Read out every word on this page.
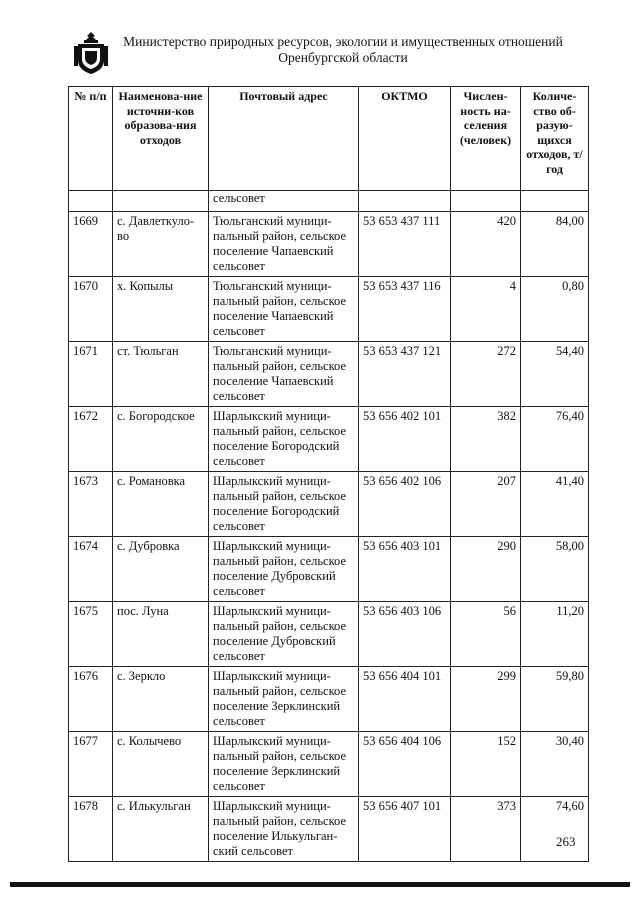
Министерство природных ресурсов, экологии и имущественных отношений
Оренбургской области
№ п/п	Наименова-ние источни-ков образова-ния отходов	Почтовый адрес	ОКТМО	Числен-ность на-селения (человек)	Количе-ство об-разую-щихся отходов, т/год
		сельсовет			
1669	с. Давлеткуло-во	Тюльганский муници-пальный район, сельское поселение Чапаевский сельсовет	53 653 437 111	420	84,00
1670	х. Копылы	Тюльганский муници-пальный район, сельское поселение Чапаевский сельсовет	53 653 437 116	4	0,80
1671	ст. Тюльган	Тюльганский муници-пальный район, сельское поселение Чапаевский сельсовет	53 653 437 121	272	54,40
1672	с. Богородское	Шарлыкский муници-пальный район, сельское поселение Богородский сельсовет	53 656 402 101	382	76,40
1673	с. Романовка	Шарлыкский муници-пальный район, сельское поселение Богородский сельсовет	53 656 402 106	207	41,40
1674	с. Дубровка	Шарлыкский муници-пальный район, сельское поселение Дубровский сельсовет	53 656 403 101	290	58,00
1675	пос. Луна	Шарлыкский муници-пальный район, сельское поселение Дубровский сельсовет	53 656 403 106	56	11,20
1676	с. Зеркло	Шарлыкский муници-пальный район, сельское поселение Зерклинский сельсовет	53 656 404 101	299	59,80
1677	с. Колычево	Шарлыкский муници-пальный район, сельское поселение Зерклинский сельсовет	53 656 404 106	152	30,40
1678	с. Илькульган	Шарлыкский муници-пальный район, сельское поселение Илькульган-ский сельсовет	53 656 407 101	373	74,60
263
